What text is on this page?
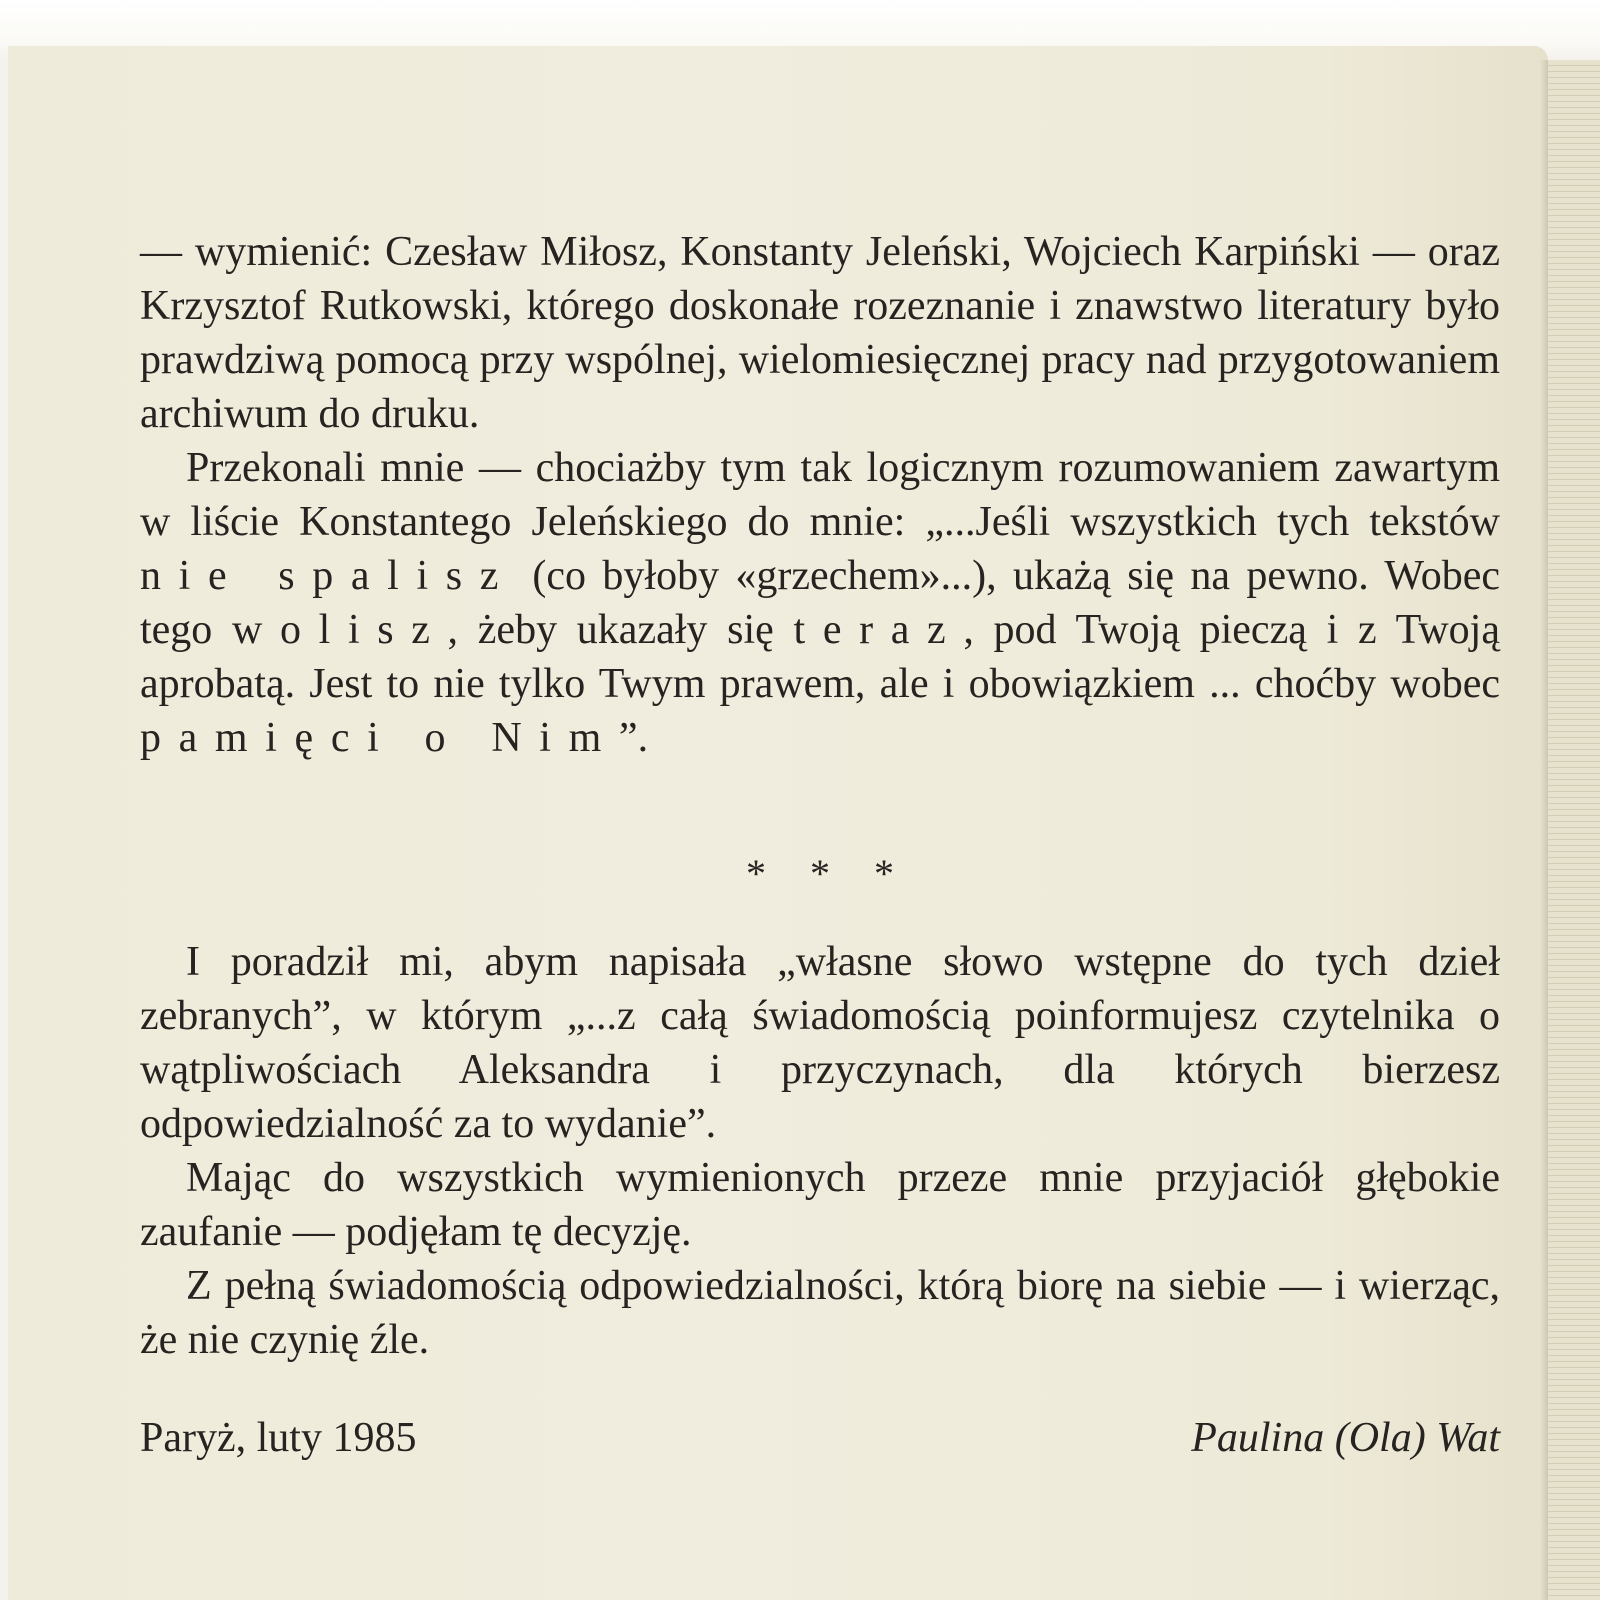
— wymienić: Czesław Miłosz, Konstanty Jeleński, Wojciech Karpiński — oraz Krzysztof Rutkowski, którego doskonałe rozeznanie i znawstwo literatury było prawdziwą pomocą przy wspólnej, wielomiesięcznej pracy nad przygotowaniem archiwum do druku.

Przekonali mnie — chociażby tym tak logicznym rozumowaniem zawartym w liście Konstantego Jeleńskiego do mnie: „...Jeśli wszystkich tych tekstów nie spalisz (co byłoby «grzechem»...), ukażą się na pewno. Wobec tego wolisz, żeby ukazały się teraz, pod Twoją pieczą i z Twoją aprobatą. Jest to nie tylko Twym prawem, ale i obowiązkiem ... choćby wobec pamięci o Nim”.

* * *

I poradził mi, abym napisała „własne słowo wstępne do tych dzieł zebranych”, w którym „...z całą świadomością poinformujesz czytelnika o wątpliwościach Aleksandra i przyczynach, dla których bierzesz odpowiedzialność za to wydanie”.

Mając do wszystkich wymienionych przeze mnie przyjaciół głębokie zaufanie — podjęłam tę decyzję.

Z pełną świadomością odpowiedzialności, którą biorę na siebie — i wierząc, że nie czynię źle.

Paryż, luty 1985	Paulina (Ola) Wat
